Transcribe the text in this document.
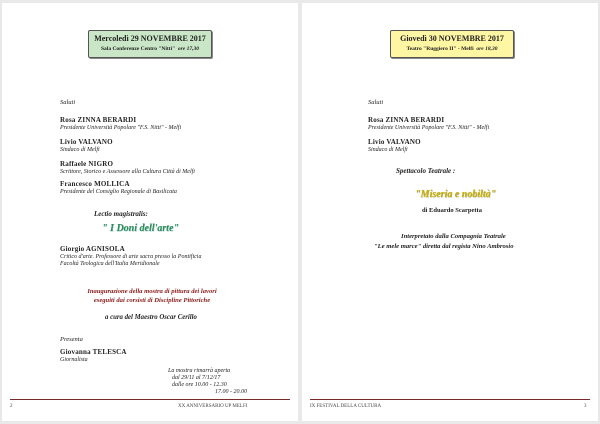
Mercoledì 29 NOVEMBRE 2017
Sala Conferenze Centro "Nitti" ore 17,30
Saluti
Rosa ZINNA BERARDI
Presidente Università Popolare "F.S. Nitti" - Melfi
Livio VALVANO
Sindaco di Melfi
Raffaele NIGRO
Scrittore, Storico e Assessore alla Cultura Città di Melfi
Francesco MOLLICA
Presidente del Consiglio Regionale di Basilicata
Lectio magistralis:
" I Doni dell'arte"
Giorgio AGNISOLA
Critico d'arte. Professore di arte sacra presso la Pontificia
Facoltà Teologica dell'Italia Meridionale
Inaugurazione della mostra di pittura dei lavori
eseguiti dai corsisti di Discipline Pittoriche
a cura del Maestro Oscar Cerillo
Presenta
Giovanna TELESCA
Giornalista
La mostra rimarrà aperta
dal 29/11 al 7/12/17
dalle ore 10.00 - 12.30
17.00 - 20.00
2	XX ANNIVERSARIO UP MELFI
Giovedì 30 NOVEMBRE 2017
Teatro "Ruggiero II" - Melfi ore 18,30
Saluti
Rosa ZINNA BERARDI
Presidente Università Popolare "F.S. Nitti" - Melfi
Livio VALVANO
Sindaco di Melfi
Spettacolo Teatrale :
"Miseria e nobiltà"
di Eduardo Scarpetta
Interpretato dalla Compagnia Teatrale
"Le mele marce" diretta dal regista Nino Ambrosio
IX FESTIVAL DELLA CULTURA	3
